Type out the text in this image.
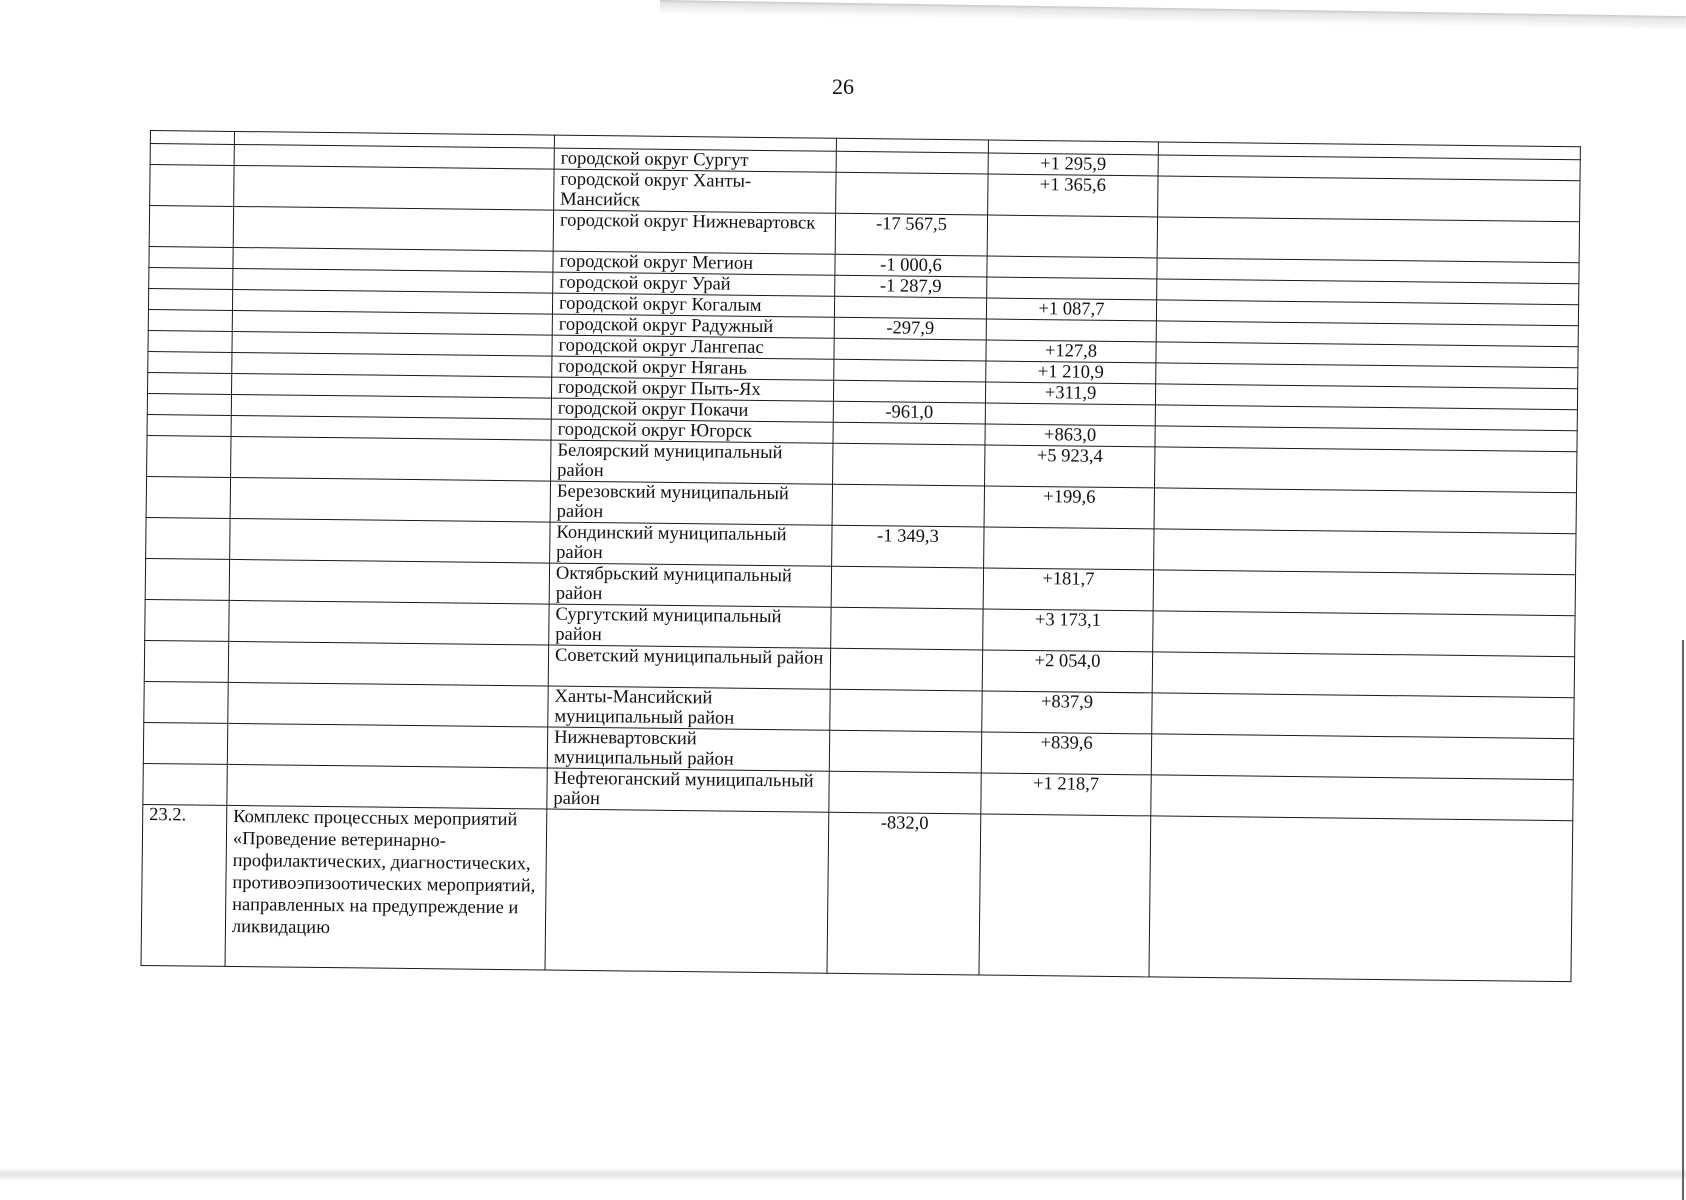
26

		городской округ Сургут		+1 295,9	
		городской округ Ханты-Мансийск		+1 365,6	
		городской округ Нижневартовск	-17 567,5		
		городской округ Мегион	-1 000,6		
		городской округ Урай	-1 287,9		
		городской округ Когалым		+1 087,7	
		городской округ Радужный	-297,9		
		городской округ Лангепас		+127,8	
		городской округ Нягань		+1 210,9	
		городской округ Пыть-Ях		+311,9	
		городской округ Покачи	-961,0		
		городской округ Югорск		+863,0	
		Белоярский муниципальный район		+5 923,4	
		Березовский муниципальный район		+199,6	
		Кондинский муниципальный район	-1 349,3		
		Октябрьский муниципальный район		+181,7	
		Сургутский муниципальный район		+3 173,1	
		Советский муниципальный район		+2 054,0	
		Ханты-Мансийский муниципальный район		+837,9	
		Нижневартовский муниципальный район		+839,6	
		Нефтеюганский муниципальный район		+1 218,7	
23.2.	Комплекс процессных мероприятий «Проведение ветеринарно-профилактических, диагностических, противоэпизоотических мероприятий, направленных на предупреждение и ликвидацию		-832,0		
